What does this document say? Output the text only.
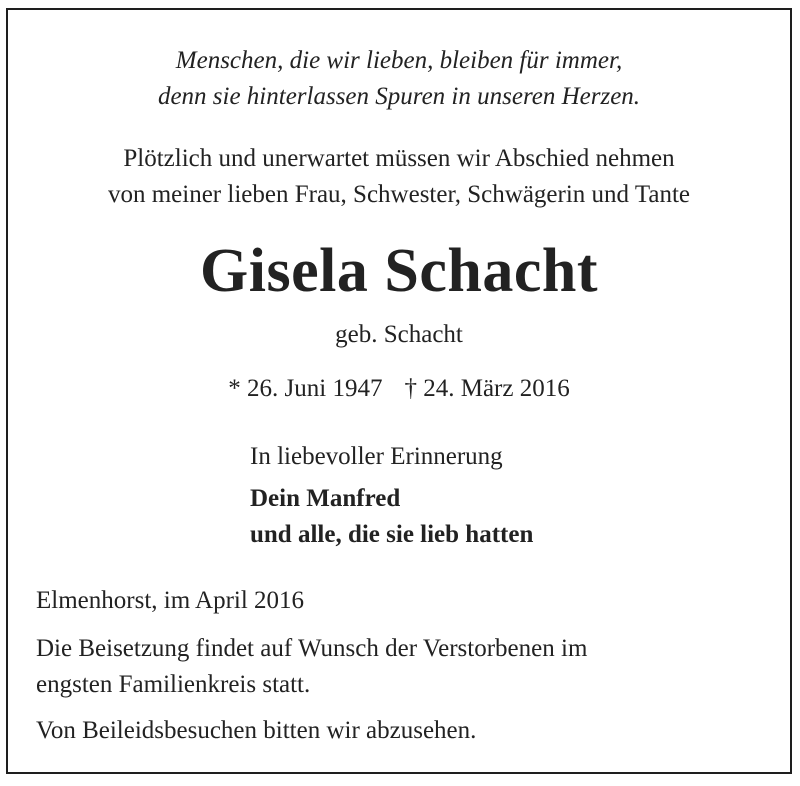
Menschen, die wir lieben, bleiben für immer,
denn sie hinterlassen Spuren in unseren Herzen.
Plötzlich und unerwartet müssen wir Abschied nehmen
von meiner lieben Frau, Schwester, Schwägerin und Tante
Gisela Schacht
geb. Schacht
* 26. Juni 1947 † 24. März 2016
In liebevoller Erinnerung
Dein Manfred
und alle, die sie lieb hatten
Elmenhorst, im April 2016
Die Beisetzung findet auf Wunsch der Verstorbenen im
engsten Familienkreis statt.
Von Beileidsbesuchen bitten wir abzusehen.
